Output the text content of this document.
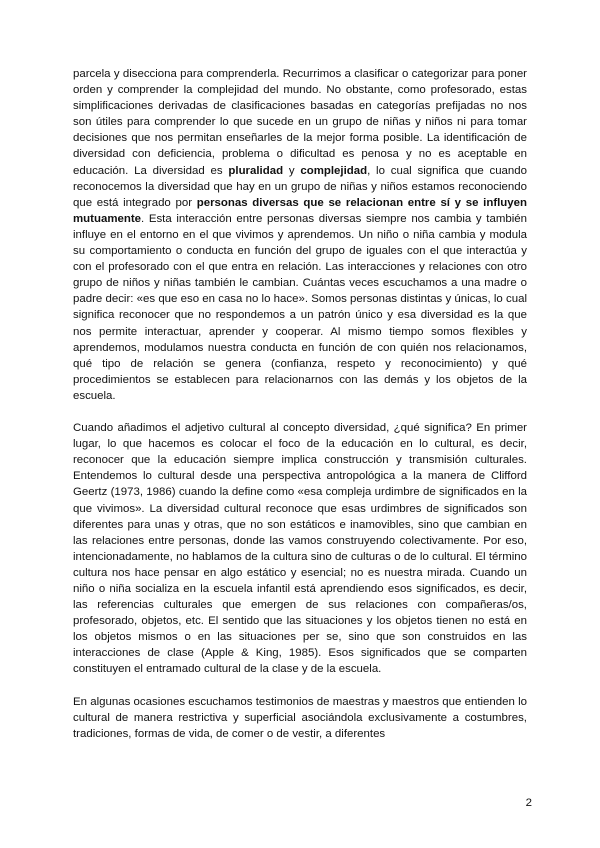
parcela y disecciona para comprenderla. Recurrimos a clasificar o categorizar para poner orden y comprender la complejidad del mundo. No obstante, como profesorado, estas simplificaciones derivadas de clasificaciones basadas en categorías prefijadas no nos son útiles para comprender lo que sucede en un grupo de niñas y niños ni para tomar decisiones que nos permitan enseñarles de la mejor forma posible. La identificación de diversidad con deficiencia, problema o dificultad es penosa y no es aceptable en educación. La diversidad es pluralidad y complejidad, lo cual significa que cuando reconocemos la diversidad que hay en un grupo de niñas y niños estamos reconociendo que está integrado por personas diversas que se relacionan entre sí y se influyen mutuamente. Esta interacción entre personas diversas siempre nos cambia y también influye en el entorno en el que vivimos y aprendemos. Un niño o niña cambia y modula su comportamiento o conducta en función del grupo de iguales con el que interactúa y con el profesorado con el que entra en relación. Las interacciones y relaciones con otro grupo de niños y niñas también le cambian. Cuántas veces escuchamos a una madre o padre decir: «es que eso en casa no lo hace». Somos personas distintas y únicas, lo cual significa reconocer que no respondemos a un patrón único y esa diversidad es la que nos permite interactuar, aprender y cooperar. Al mismo tiempo somos flexibles y aprendemos, modulamos nuestra conducta en función de con quién nos relacionamos, qué tipo de relación se genera (confianza, respeto y reconocimiento) y qué procedimientos se establecen para relacionarnos con las demás y los objetos de la escuela.

Cuando añadimos el adjetivo cultural al concepto diversidad, ¿qué significa? En primer lugar, lo que hacemos es colocar el foco de la educación en lo cultural, es decir, reconocer que la educación siempre implica construcción y transmisión culturales. Entendemos lo cultural desde una perspectiva antropológica a la manera de Clifford Geertz (1973, 1986) cuando la define como «esa compleja urdimbre de significados en la que vivimos». La diversidad cultural reconoce que esas urdimbres de significados son diferentes para unas y otras, que no son estáticos e inamovibles, sino que cambian en las relaciones entre personas, donde las vamos construyendo colectivamente. Por eso, intencionadamente, no hablamos de la cultura sino de culturas o de lo cultural. El término cultura nos hace pensar en algo estático y esencial; no es nuestra mirada. Cuando un niño o niña socializa en la escuela infantil está aprendiendo esos significados, es decir, las referencias culturales que emergen de sus relaciones con compañeras/os, profesorado, objetos, etc. El sentido que las situaciones y los objetos tienen no está en los objetos mismos o en las situaciones per se, sino que son construidos en las interacciones de clase (Apple & King, 1985). Esos significados que se comparten constituyen el entramado cultural de la clase y de la escuela.

En algunas ocasiones escuchamos testimonios de maestras y maestros que entienden lo cultural de manera restrictiva y superficial asociándola exclusivamente a costumbres, tradiciones, formas de vida, de comer o de vestir, a diferentes

2
